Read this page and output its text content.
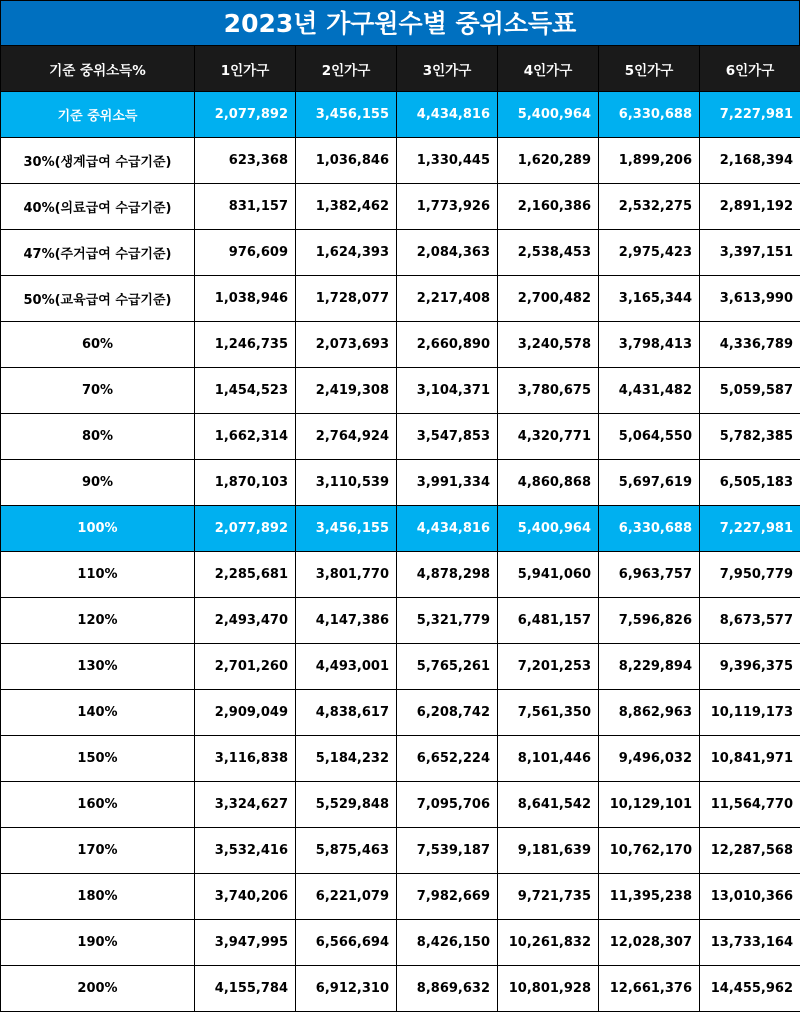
2023년 가구원수별 중위소득표
기준 중위소득%	1인가구	2인가구	3인가구	4인가구	5인가구	6인가구
기준 중위소득	2,077,892	3,456,155	4,434,816	5,400,964	6,330,688	7,227,981
30%(생계급여 수급기준)	623,368	1,036,846	1,330,445	1,620,289	1,899,206	2,168,394
40%(의료급여 수급기준)	831,157	1,382,462	1,773,926	2,160,386	2,532,275	2,891,192
47%(주거급여 수급기준)	976,609	1,624,393	2,084,363	2,538,453	2,975,423	3,397,151
50%(교육급여 수급기준)	1,038,946	1,728,077	2,217,408	2,700,482	3,165,344	3,613,990
60%	1,246,735	2,073,693	2,660,890	3,240,578	3,798,413	4,336,789
70%	1,454,523	2,419,308	3,104,371	3,780,675	4,431,482	5,059,587
80%	1,662,314	2,764,924	3,547,853	4,320,771	5,064,550	5,782,385
90%	1,870,103	3,110,539	3,991,334	4,860,868	5,697,619	6,505,183
100%	2,077,892	3,456,155	4,434,816	5,400,964	6,330,688	7,227,981
110%	2,285,681	3,801,770	4,878,298	5,941,060	6,963,757	7,950,779
120%	2,493,470	4,147,386	5,321,779	6,481,157	7,596,826	8,673,577
130%	2,701,260	4,493,001	5,765,261	7,201,253	8,229,894	9,396,375
140%	2,909,049	4,838,617	6,208,742	7,561,350	8,862,963	10,119,173
150%	3,116,838	5,184,232	6,652,224	8,101,446	9,496,032	10,841,971
160%	3,324,627	5,529,848	7,095,706	8,641,542	10,129,101	11,564,770
170%	3,532,416	5,875,463	7,539,187	9,181,639	10,762,170	12,287,568
180%	3,740,206	6,221,079	7,982,669	9,721,735	11,395,238	13,010,366
190%	3,947,995	6,566,694	8,426,150	10,261,832	12,028,307	13,733,164
200%	4,155,784	6,912,310	8,869,632	10,801,928	12,661,376	14,455,962
